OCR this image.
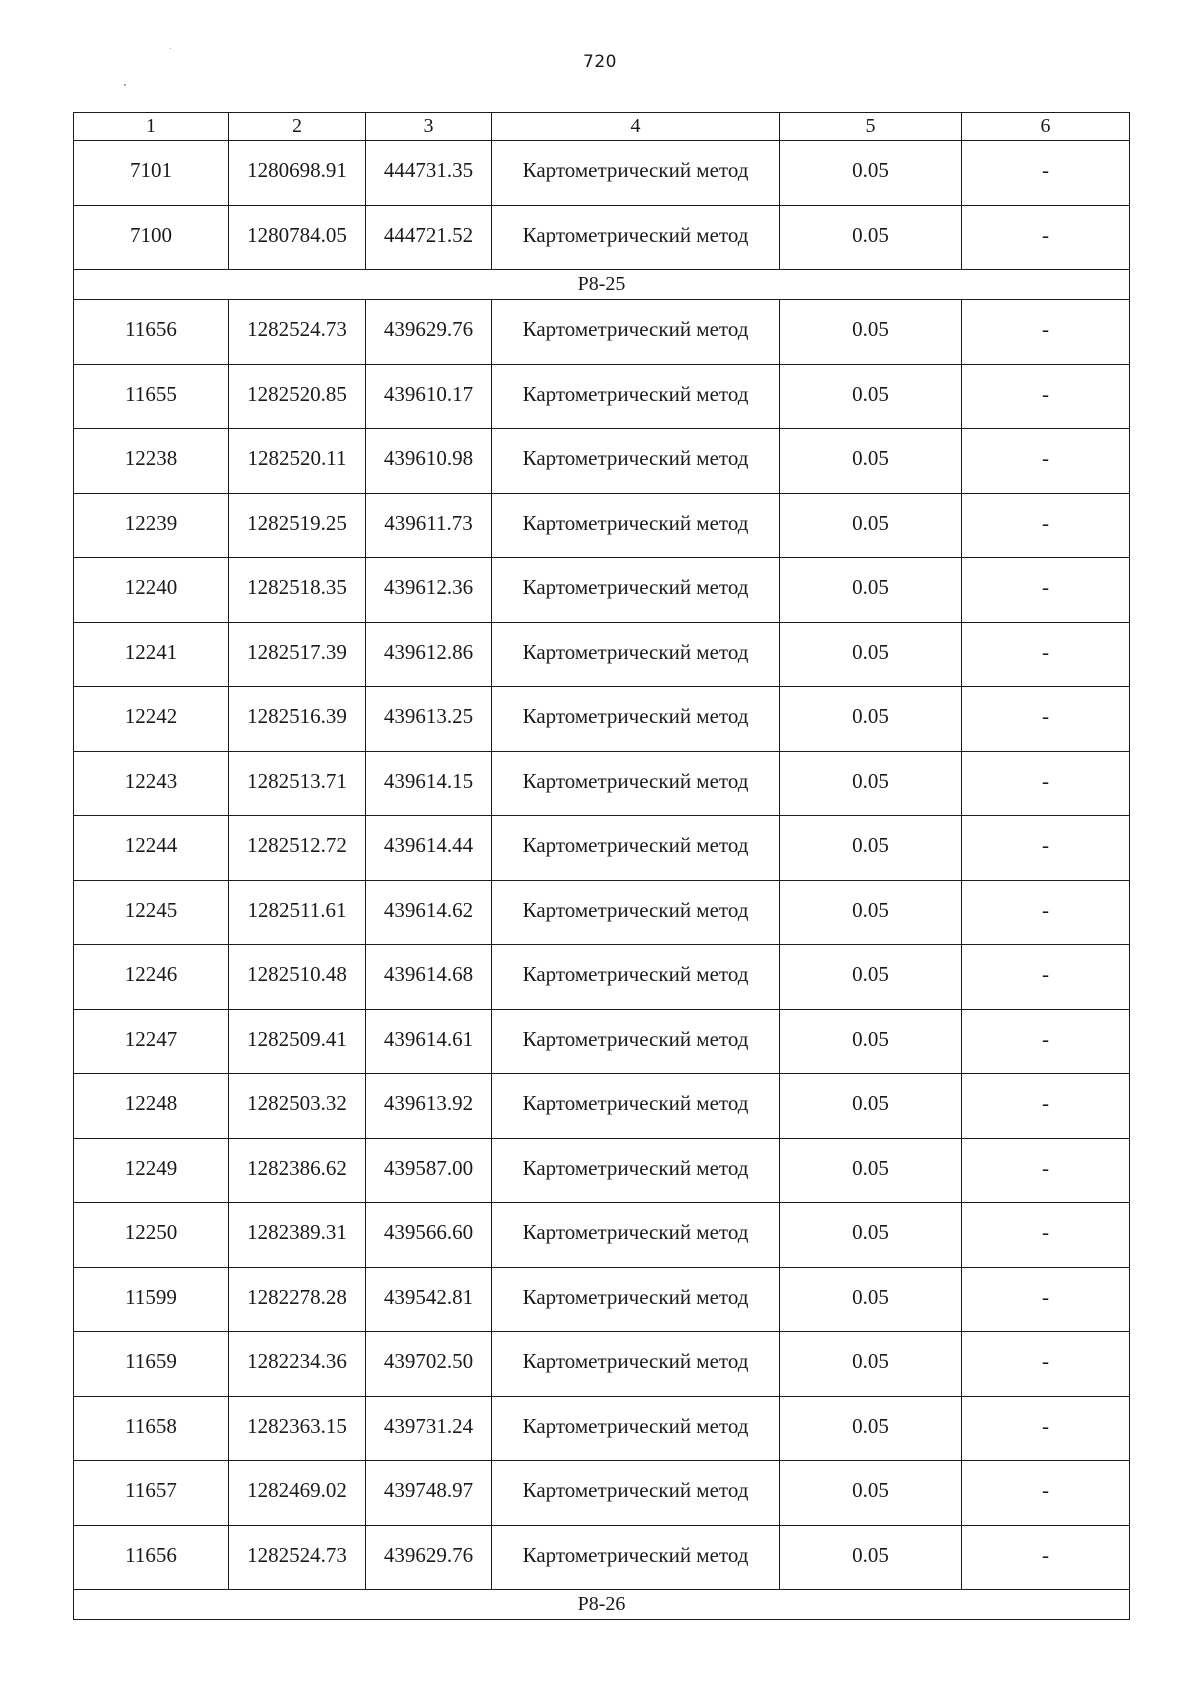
720
1	2	3	4	5	6
7101	1280698.91	444731.35	Картометрический метод	0.05	-
7100	1280784.05	444721.52	Картометрический метод	0.05	-
Р8-25					
11656	1282524.73	439629.76	Картометрический метод	0.05	-
11655	1282520.85	439610.17	Картометрический метод	0.05	-
12238	1282520.11	439610.98	Картометрический метод	0.05	-
12239	1282519.25	439611.73	Картометрический метод	0.05	-
12240	1282518.35	439612.36	Картометрический метод	0.05	-
12241	1282517.39	439612.86	Картометрический метод	0.05	-
12242	1282516.39	439613.25	Картометрический метод	0.05	-
12243	1282513.71	439614.15	Картометрический метод	0.05	-
12244	1282512.72	439614.44	Картометрический метод	0.05	-
12245	1282511.61	439614.62	Картометрический метод	0.05	-
12246	1282510.48	439614.68	Картометрический метод	0.05	-
12247	1282509.41	439614.61	Картометрический метод	0.05	-
12248	1282503.32	439613.92	Картометрический метод	0.05	-
12249	1282386.62	439587.00	Картометрический метод	0.05	-
12250	1282389.31	439566.60	Картометрический метод	0.05	-
11599	1282278.28	439542.81	Картометрический метод	0.05	-
11659	1282234.36	439702.50	Картометрический метод	0.05	-
11658	1282363.15	439731.24	Картометрический метод	0.05	-
11657	1282469.02	439748.97	Картометрический метод	0.05	-
11656	1282524.73	439629.76	Картометрический метод	0.05	-
Р8-26					
